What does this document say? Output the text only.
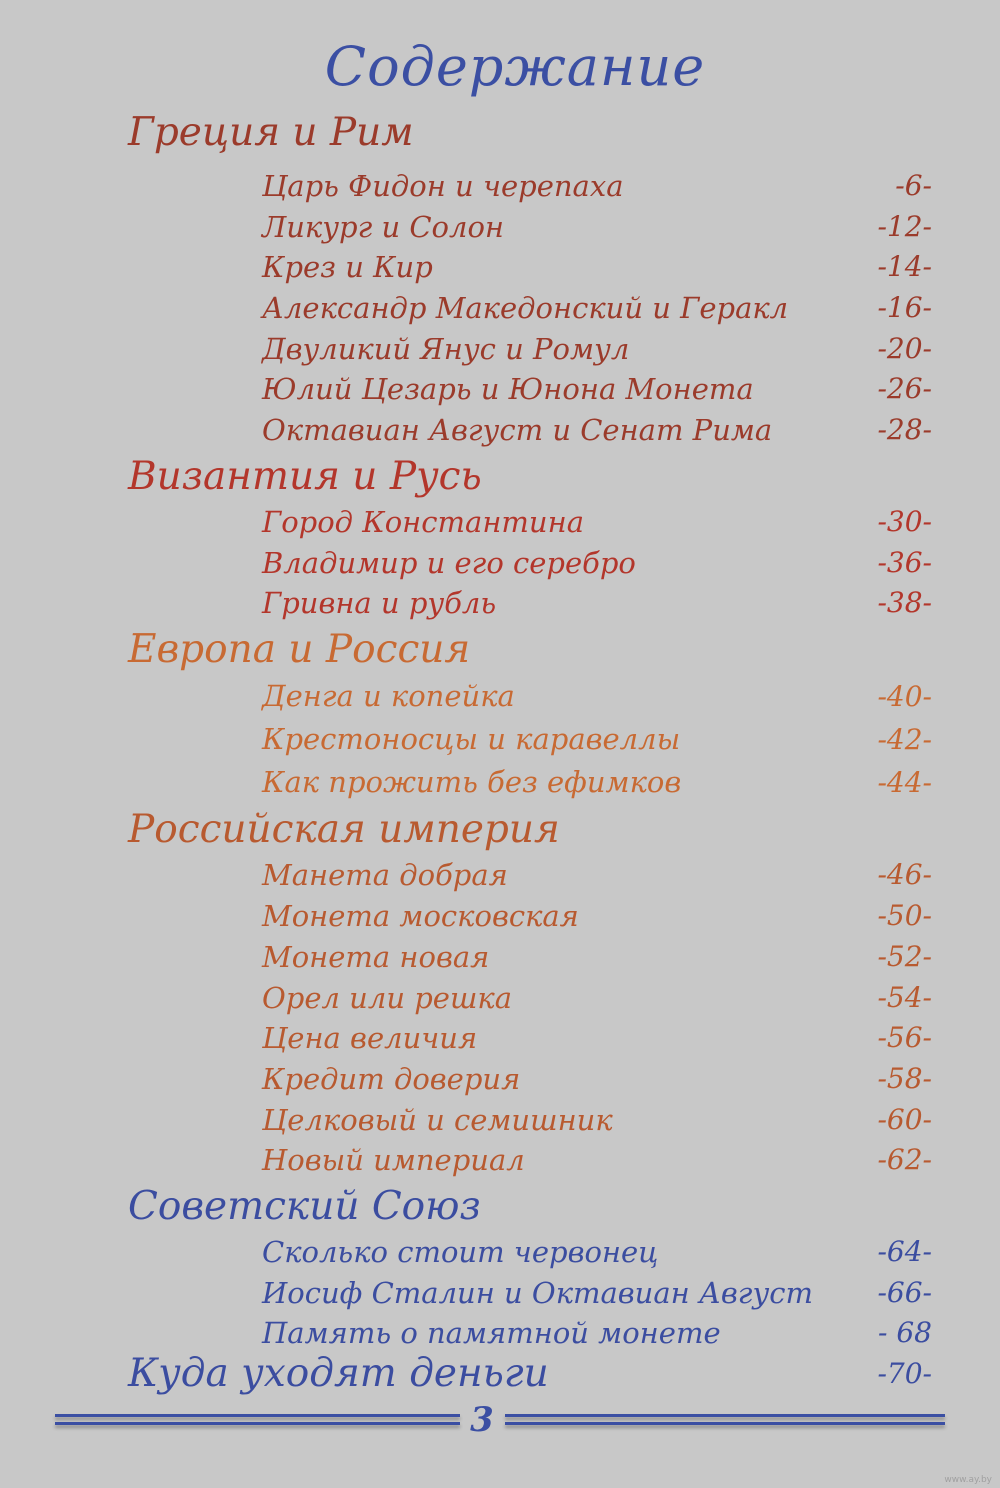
Содержание
Греция и Рим
Царь Фидон и черепаха	-6-
Ликург и Солон	-12-
Крез и Кир	-14-
Александр Македонский и Геракл	-16-
Двуликий Янус и Ромул	-20-
Юлий Цезарь и Юнона Монета	-26-
Октавиан Август и Сенат Рима	-28-
Византия и Русь
Город Константина	-30-
Владимир и его серебро	-36-
Гривна и рубль	-38-
Европа и Россия
Денга и копейка	-40-
Крестоносцы и каравеллы	-42-
Как прожить без ефимков	-44-
Российская империя
Манета добрая	-46-
Монета московская	-50-
Монета новая	-52-
Орел или решка	-54-
Цена величия	-56-
Кредит доверия	-58-
Целковый и семишник	-60-
Новый империал	-62-
Советский Союз
Сколько стоит червонец	-64-
Иосиф Сталин и Октавиан Август -66-
Память о памятной монете	- 68
Куда уходят деньги	-70-
3
www.ay.by
